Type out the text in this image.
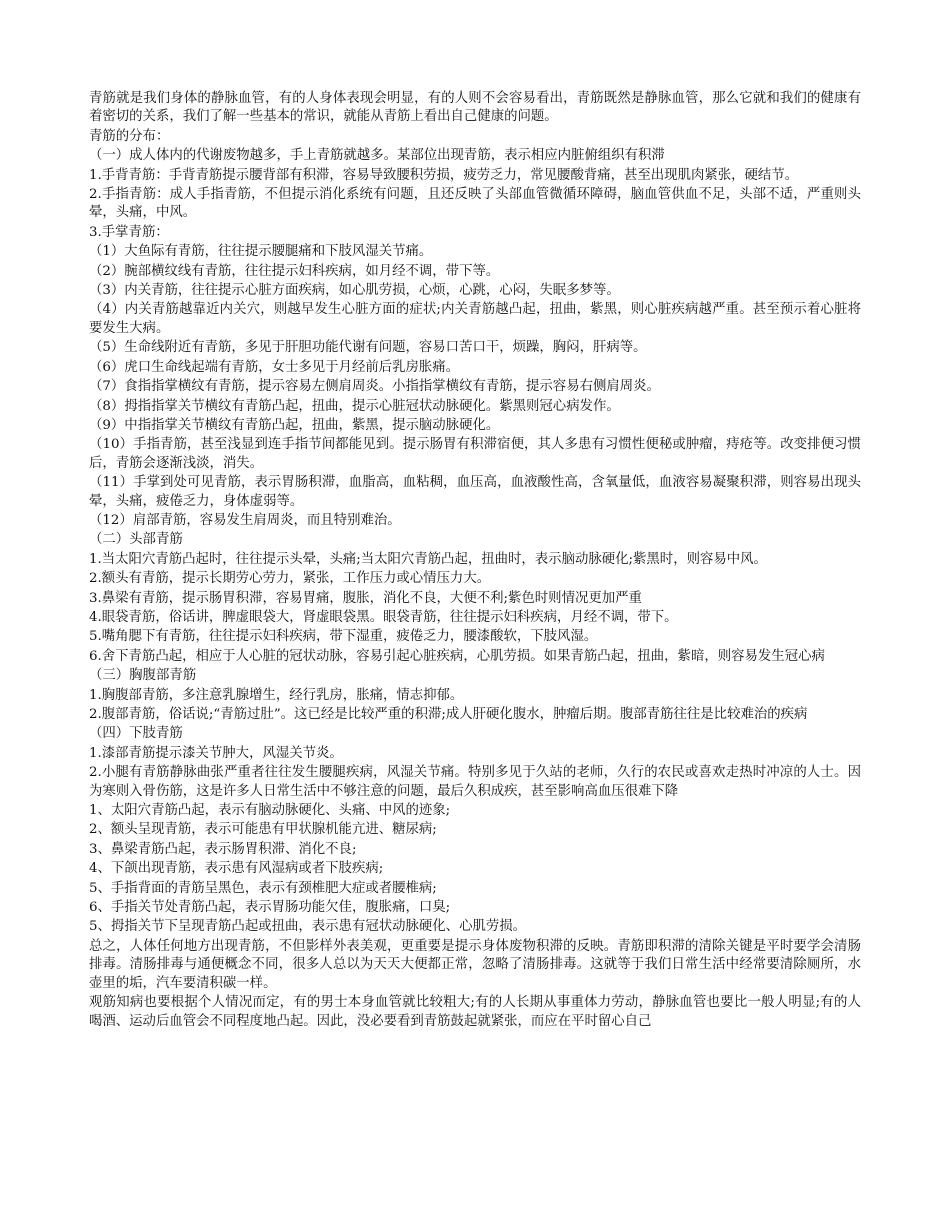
青筋就是我们身体的静脉血管，有的人身体表现会明显，有的人则不会容易看出，青筋既然是静脉血管，那么它就和我们的健康有着密切的关系，我们了解一些基本的常识，就能从青筋上看出自己健康的问题。

青筋的分布：

（一）成人体内的代谢废物越多，手上青筋就越多。某部位出现青筋，表示相应内脏俯组织有积滞

1.手背青筋：手背青筋提示腰背部有积滞，容易导致腰积劳损，疲劳乏力，常见腰酸背痛，甚至出现肌肉紧张，硬结节。

2.手指青筋：成人手指青筋，不但提示消化系统有问题，且还反映了头部血管微循环障碍，脑血管供血不足，头部不适，严重则头晕，头痛，中风。

3.手掌青筋：

（1）大鱼际有青筋，往往提示腰腿痛和下肢风湿关节痛。

（2）腕部横纹线有青筋，往往提示妇科疾病，如月经不调，带下等。

（3）内关青筋，往往提示心脏方面疾病，如心肌劳损，心烦，心跳，心闷，失眠多梦等。

（4）内关青筋越靠近内关穴，则越早发生心脏方面的症状;内关青筋越凸起，扭曲，紫黑，则心脏疾病越严重。甚至预示着心脏将要发生大病。

（5）生命线附近有青筋，多见于肝胆功能代谢有问题，容易口苦口干，烦躁，胸闷，肝病等。

（6）虎口生命线起端有青筋，女士多见于月经前后乳房胀痛。

（7）食指指掌横纹有青筋，提示容易左侧肩周炎。小指指掌横纹有青筋，提示容易右侧肩周炎。

（8）拇指指掌关节横纹有青筋凸起，扭曲，提示心脏冠状动脉硬化。紫黑则冠心病发作。

（9）中指指掌关节横纹有青筋凸起，扭曲，紫黑，提示脑动脉硬化。

（10）手指青筋，甚至浅显到连手指节间都能见到。提示肠胃有积滞宿便，其人多患有习惯性便秘或肿瘤，痔疮等。改变排便习惯后，青筋会逐渐浅淡，消失。

（11）手掌到处可见青筋，表示胃肠积滞，血脂高，血粘稠，血压高，血液酸性高，含氧量低，血液容易凝聚积滞，则容易出现头晕，头痛，疲倦乏力，身体虚弱等。

（12）肩部青筋，容易发生肩周炎，而且特别难治。

（二）头部青筋

1.当太阳穴青筋凸起时，往往提示头晕，头痛;当太阳穴青筋凸起，扭曲时，表示脑动脉硬化;紫黑时，则容易中风。

2.额头有青筋，提示长期劳心劳力，紧张，工作压力或心情压力大。

3.鼻梁有青筋，提示肠胃积滞，容易胃痛，腹胀，消化不良，大便不利;紫色时则情况更加严重

4.眼袋青筋，俗话讲，脾虚眼袋大，肾虚眼袋黑。眼袋青筋，往往提示妇科疾病，月经不调，带下。

5.嘴角腮下有青筋，往往提示妇科疾病，带下湿重，疲倦乏力，腰漆酸软，下肢风湿。

6.舍下青筋凸起，相应于人心脏的冠状动脉，容易引起心脏疾病，心肌劳损。如果青筋凸起，扭曲，紫暗，则容易发生冠心病

（三）胸腹部青筋

1.胸腹部青筋，多注意乳腺增生，经行乳房，胀痛，情志抑郁。

2.腹部青筋，俗话说;“青筋过肚”。这已经是比较严重的积滞;成人肝硬化腹水，肿瘤后期。腹部青筋往往是比较难治的疾病

（四）下肢青筋

1.漆部青筋提示漆关节肿大，风湿关节炎。

2.小腿有青筋静脉曲张严重者往往发生腰腿疾病，风湿关节痛。特别多见于久站的老师，久行的农民或喜欢走热时冲凉的人士。因为寒则入骨伤筋，这是许多人日常生活中不够注意的问题，最后久积成疾，甚至影响高血压很难下降

1、太阳穴青筋凸起，表示有脑动脉硬化、头痛、中风的迹象;

2、额头呈现青筋，表示可能患有甲状腺机能亢进、糖尿病;

3、鼻梁青筋凸起，表示肠胃积滞、消化不良;

4、下颌出现青筋，表示患有风湿病或者下肢疾病;

5、手指背面的青筋呈黑色，表示有颈椎肥大症或者腰椎病;

6、手指关节处青筋凸起，表示胃肠功能欠佳，腹胀痛，口臭;

5、拇指关节下呈现青筋凸起或扭曲，表示患有冠状动脉硬化、心肌劳损。

总之，人体任何地方出现青筋，不但影样外表美观，更重要是提示身体废物积滞的反映。青筋即积滞的清除关键是平时要学会清肠排毒。清肠排毒与通便概念不同，很多人总以为天天大便都正常，忽略了清肠排毒。这就等于我们日常生活中经常要清除厕所，水壶里的垢，汽车要清积碳一样。

观筋知病也要根据个人情况而定，有的男士本身血管就比较粗大;有的人长期从事重体力劳动，静脉血管也要比一般人明显;有的人喝酒、运动后血管会不同程度地凸起。因此，没必要看到青筋鼓起就紧张，而应在平时留心自己
